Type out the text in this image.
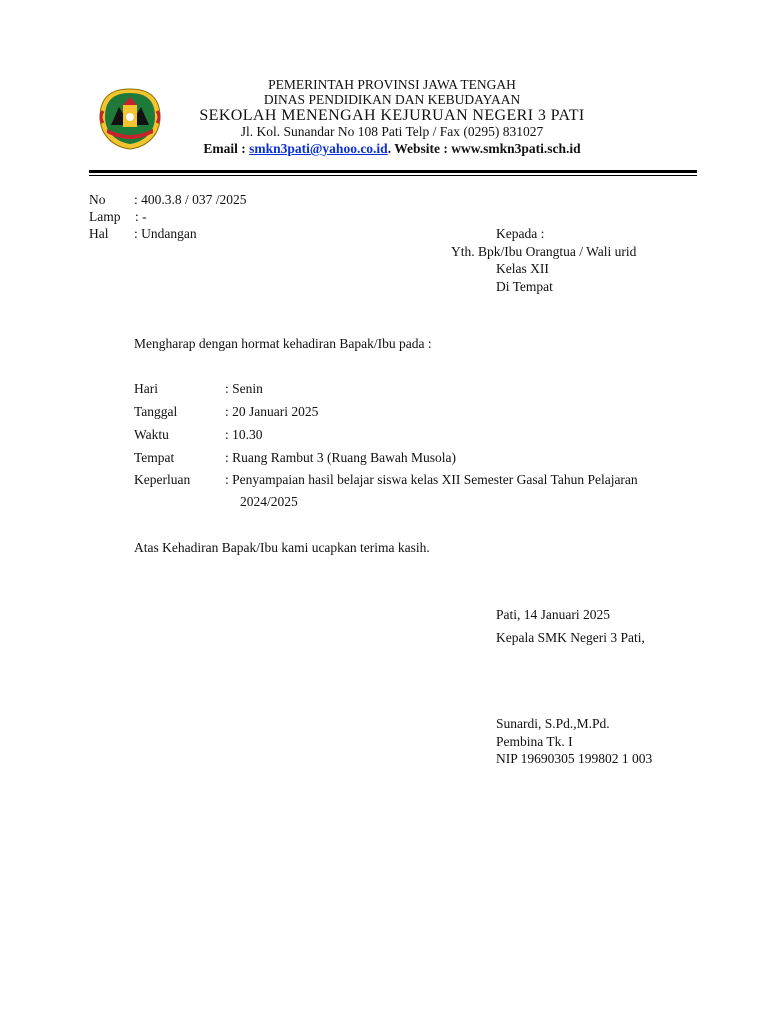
PEMERINTAH PROVINSI JAWA TENGAH
DINAS PENDIDIKAN DAN KEBUDAYAAN
SEKOLAH MENENGAH KEJURUAN NEGERI 3 PATI
Jl. Kol. Sunandar No 108 Pati Telp / Fax (0295) 831027
Email : smkn3pati@yahoo.co.id. Website : www.smkn3pati.sch.id
No : 400.3.8 / 037 /2025
Lamp : -
Hal : Undangan	Kepada :
Yth. Bpk/Ibu Orangtua / Wali urid
Kelas XII
Di Tempat
Mengharap dengan hormat kehadiran Bapak/Ibu pada :
Hari	: Senin
Tanggal	: 20 Januari 2025
Waktu	: 10.30
Tempat	: Ruang Rambut 3 (Ruang Bawah Musola)
Keperluan	: Penyampaian hasil belajar siswa kelas XII Semester Gasal Tahun Pelajaran
2024/2025
Atas Kehadiran Bapak/Ibu kami ucapkan terima kasih.
Pati, 14 Januari 2025
Kepala SMK Negeri 3 Pati,
Sunardi, S.Pd.,M.Pd.
Pembina Tk. I
NIP 19690305 199802 1 003
